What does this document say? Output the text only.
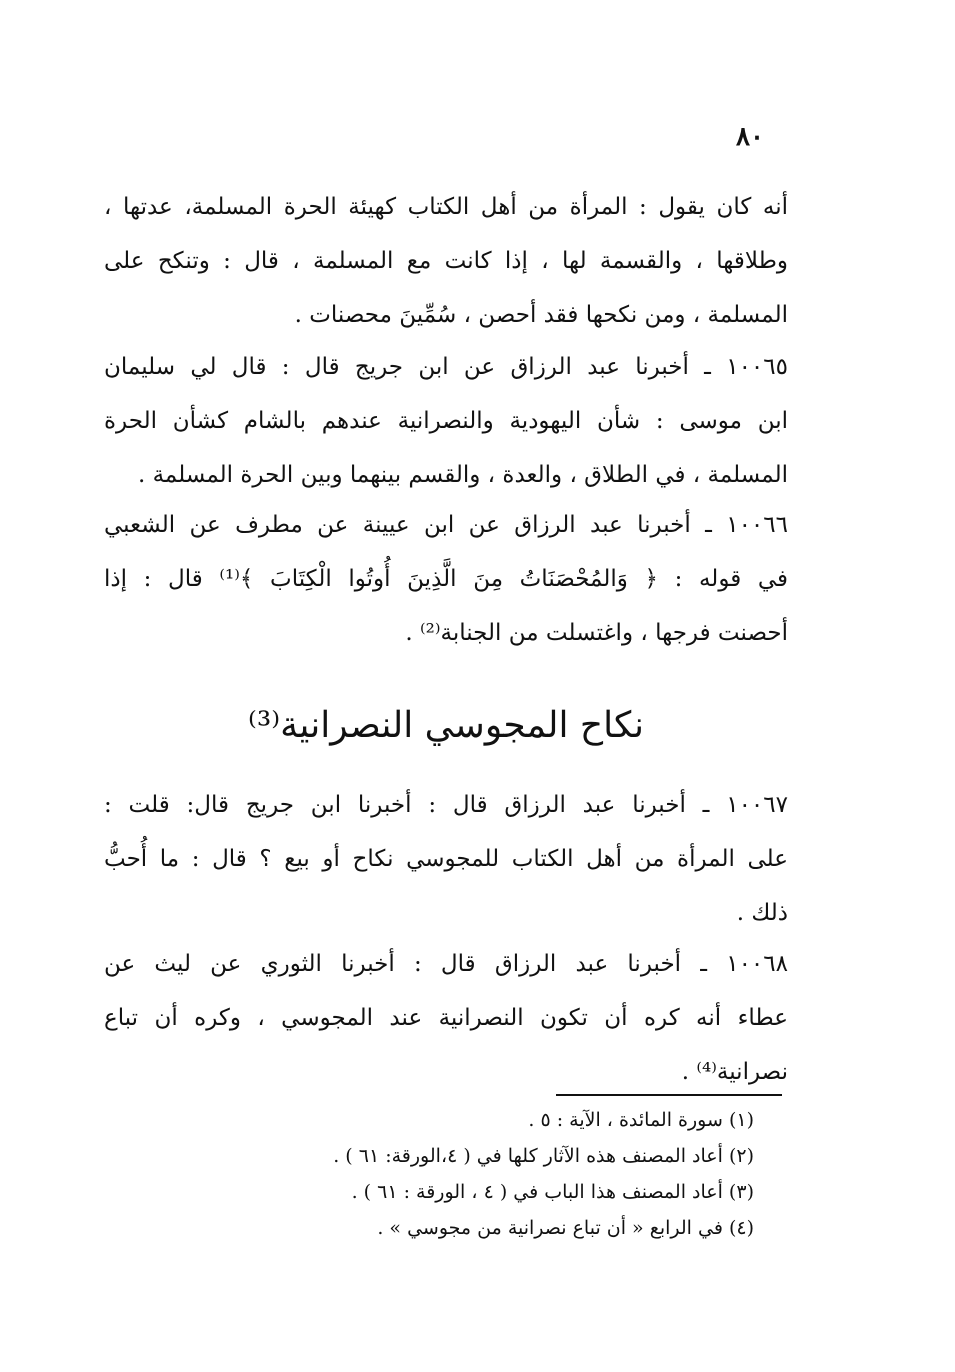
٨٠
أنه كان يقول : المرأة من أهل الكتاب كهيئة الحرة المسلمة، عدتها ،
وطلاقها ، والقسمة لها ، إذا كانت مع المسلمة ، قال : وتنكح على
المسلمة ، ومن نكحها فقد أحصن ، سُمِّينَ محصنات .
١٠٠٦٥ ـ أخبرنا عبد الرزاق عن ابن جريج قال : قال لي سليمان
ابن موسى : شأن اليهودية والنصرانية عندهم بالشام كشأن الحرة
المسلمة ، في الطلاق ، والعدة ، والقسم بينهما وبين الحرة المسلمة .
١٠٠٦٦ ـ أخبرنا عبد الرزاق عن ابن عيينة عن مطرف عن الشعبي
في قوله : ﴿ وَالمُحْصَنَاتُ مِنَ الَّذِينَ أُوتُوا الْكِتَابَ ﴾⁽¹⁾ قال : إذا
أحصنت فرجها ، واغتسلت من الجنابة⁽²⁾ .
نكاح المجوسي النصرانية⁽³⁾
١٠٠٦٧ ـ أخبرنا عبد الرزاق قال : أخبرنا ابن جريج قال: قلت :
على المرأة من أهل الكتاب للمجوسي نكاح أو بيع ؟ قال : ما أُحبُّ
ذلك .
١٠٠٦٨ ـ أخبرنا عبد الرزاق قال : أخبرنا الثوري عن ليث عن
عطاء أنه كره أن تكون النصرانية عند المجوسي ، وكره أن تباع
نصرانية⁽⁴⁾ .
(١) سورة المائدة ، الآية : ٥ .
(٢) أعاد المصنف هذه الآثار كلها في ( ٤،الورقة: ٦١ ) .
(٣) أعاد المصنف هذا الباب في ( ٤ ، الورقة : ٦١ ) .
(٤) في الرابع « أن تباع نصرانية من مجوسي » .
